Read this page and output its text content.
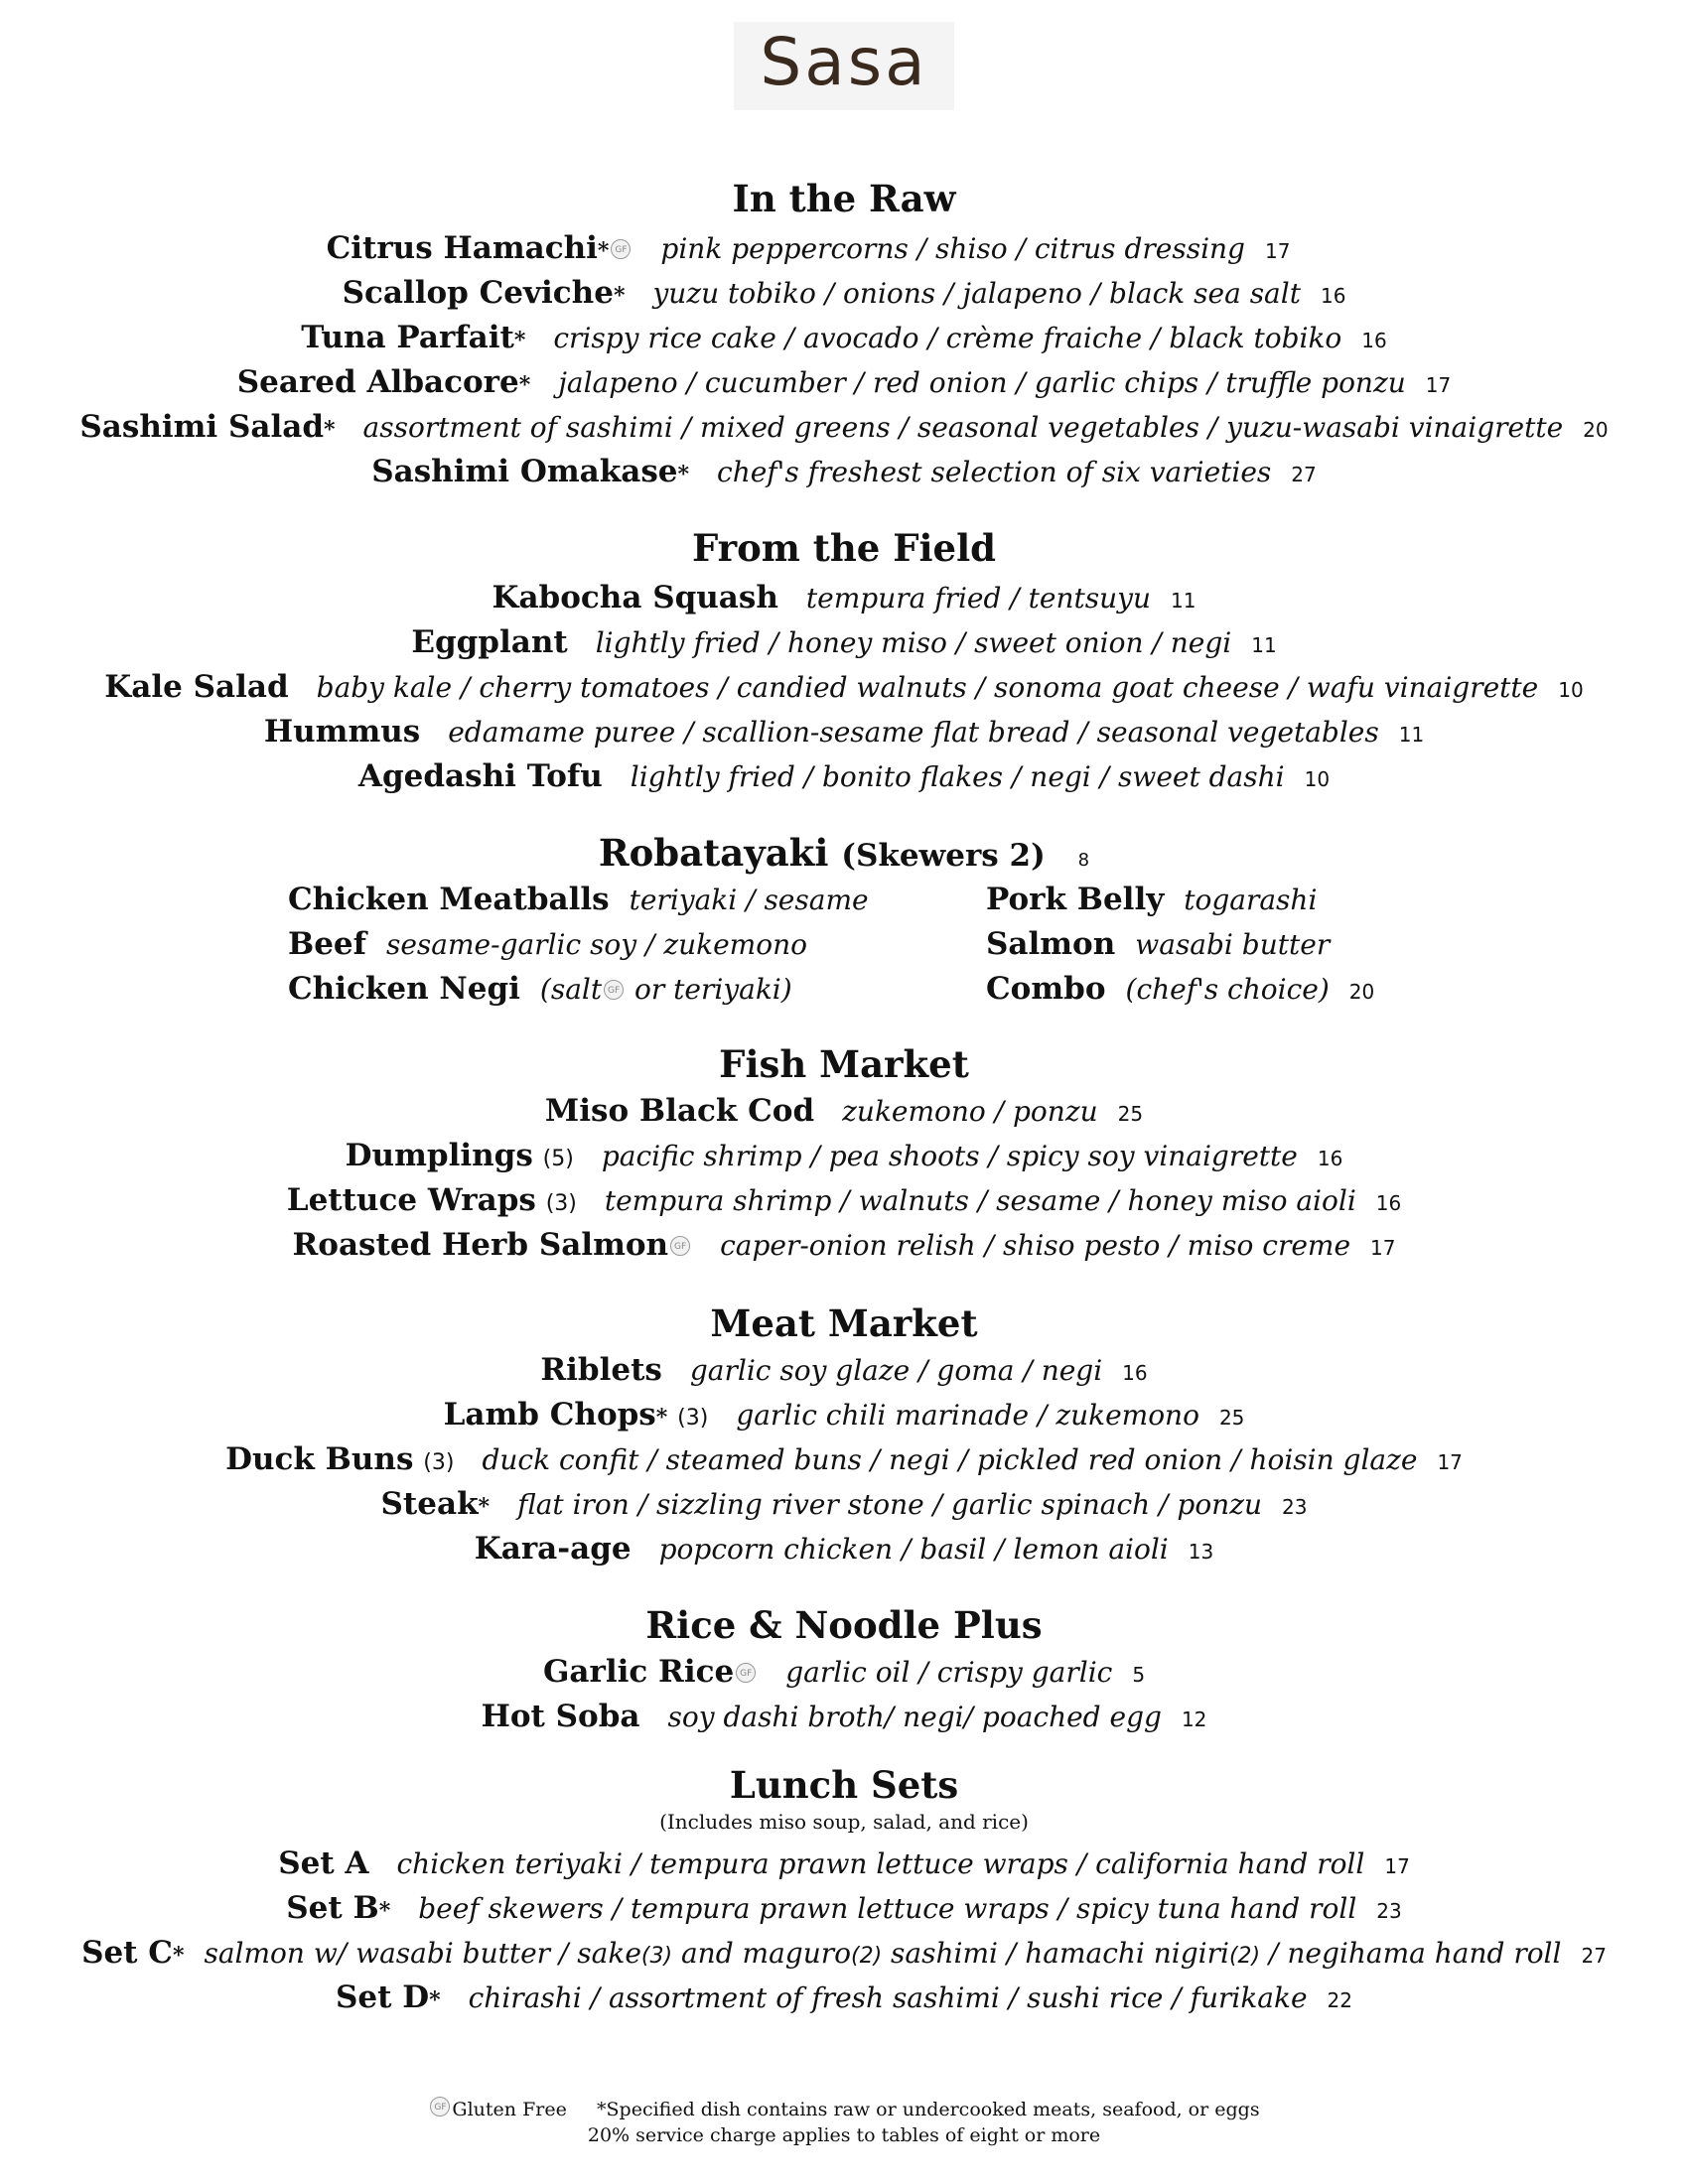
Sasa
In the Raw
Citrus Hamachi* GF pink peppercorns / shiso / citrus dressing 17
Scallop Ceviche* yuzu tobiko / onions / jalapeno / black sea salt 16
Tuna Parfait* crispy rice cake / avocado / crème fraiche / black tobiko 16
Seared Albacore* jalapeno / cucumber / red onion / garlic chips / truffle ponzu 17
Sashimi Salad* assortment of sashimi / mixed greens / seasonal vegetables / yuzu-wasabi vinaigrette 20
Sashimi Omakase* chef's freshest selection of six varieties 27
From the Field
Kabocha Squash tempura fried / tentsuyu 11
Eggplant lightly fried / honey miso / sweet onion / negi 11
Kale Salad baby kale / cherry tomatoes / candied walnuts / sonoma goat cheese / wafu vinaigrette 10
Hummus edamame puree / scallion-sesame flat bread / seasonal vegetables 11
Agedashi Tofu lightly fried / bonito flakes / negi / sweet dashi 10
Robatayaki (Skewers 2) 8
Chicken Meatballs teriyaki / sesame
Beef sesame-garlic soy / zukemono
Chicken Negi (salt GF or teriyaki)
Pork Belly togarashi
Salmon wasabi butter
Combo (chef's choice) 20
Fish Market
Miso Black Cod zukemono / ponzu 25
Dumplings (5) pacific shrimp / pea shoots / spicy soy vinaigrette 16
Lettuce Wraps (3) tempura shrimp / walnuts / sesame / honey miso aioli 16
Roasted Herb Salmon GF caper-onion relish / shiso pesto / miso creme 17
Meat Market
Riblets garlic soy glaze / goma / negi 16
Lamb Chops* (3) garlic chili marinade / zukemono 25
Duck Buns (3) duck confit / steamed buns / negi / pickled red onion / hoisin glaze 17
Steak* flat iron / sizzling river stone / garlic spinach / ponzu 23
Kara-age popcorn chicken / basil / lemon aioli 13
Rice & Noodle Plus
Garlic Rice GF garlic oil / crispy garlic 5
Hot Soba soy dashi broth/ negi/ poached egg 12
Lunch Sets
(Includes miso soup, salad, and rice)
Set A chicken teriyaki / tempura prawn lettuce wraps / california hand roll 17
Set B* beef skewers / tempura prawn lettuce wraps / spicy tuna hand roll 23
Set C* salmon w/ wasabi butter / sake(3) and maguro(2) sashimi / hamachi nigiri(2) / negihama hand roll 27
Set D* chirashi / assortment of fresh sashimi / sushi rice / furikake 22
GF Gluten Free *Specified dish contains raw or undercooked meats, seafood, or eggs
20% service charge applies to tables of eight or more
